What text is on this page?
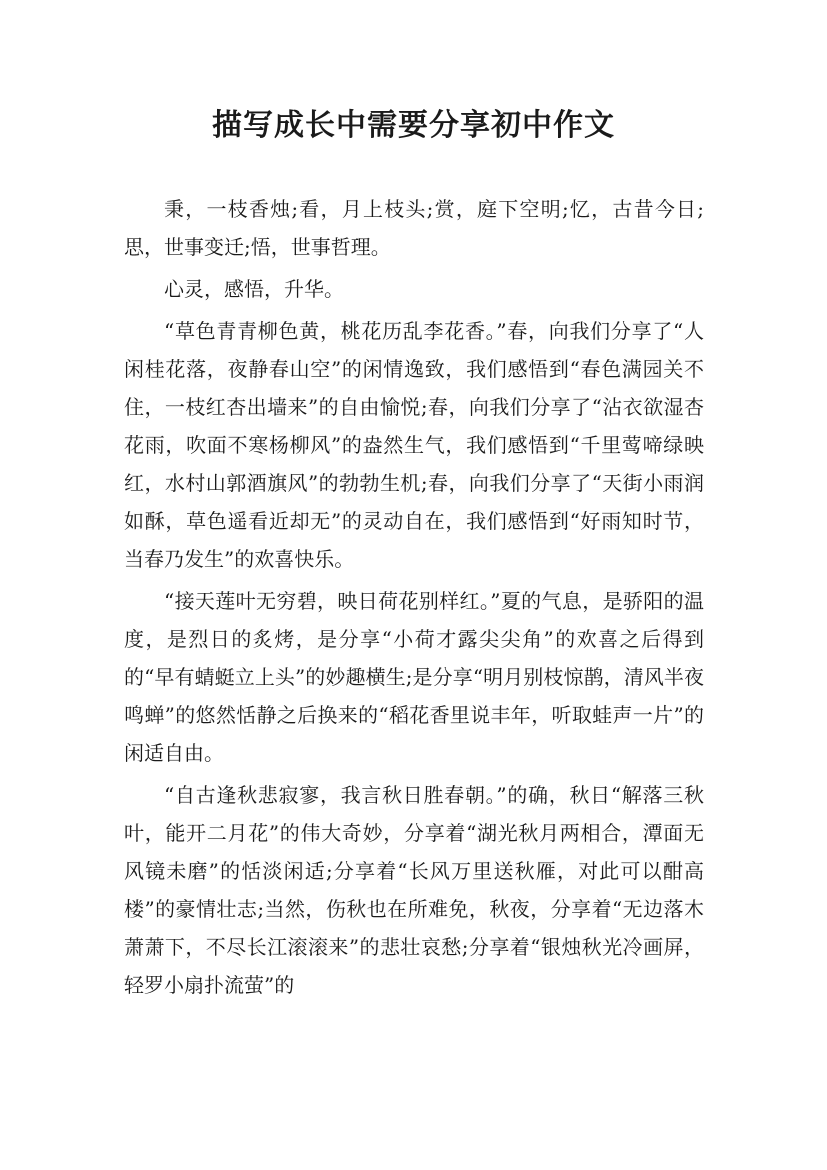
描写成长中需要分享初中作文

秉，一枝香烛;看，月上枝头;赏，庭下空明;忆，古昔今日;思，世事变迁;悟，世事哲理。

心灵，感悟，升华。

“草色青青柳色黄，桃花历乱李花香。”春，向我们分享了“人闲桂花落，夜静春山空”的闲情逸致，我们感悟到“春色满园关不住，一枝红杏出墙来”的自由愉悦;春，向我们分享了“沾衣欲湿杏花雨，吹面不寒杨柳风”的盎然生气，我们感悟到“千里莺啼绿映红，水村山郭酒旗风”的勃勃生机;春，向我们分享了“天街小雨润如酥，草色遥看近却无”的灵动自在，我们感悟到“好雨知时节，当春乃发生”的欢喜快乐。

“接天莲叶无穷碧，映日荷花别样红。”夏的气息，是骄阳的温度，是烈日的炙烤，是分享“小荷才露尖尖角”的欢喜之后得到的“早有蜻蜓立上头”的妙趣横生;是分享“明月别枝惊鹊，清风半夜鸣蝉”的悠然恬静之后换来的“稻花香里说丰年，听取蛙声一片”的闲适自由。

“自古逢秋悲寂寥，我言秋日胜春朝。”的确，秋日“解落三秋叶，能开二月花”的伟大奇妙，分享着“湖光秋月两相合，潭面无风镜未磨”的恬淡闲适;分享着“长风万里送秋雁，对此可以酣高楼”的豪情壮志;当然，伤秋也在所难免，秋夜，分享着“无边落木萧萧下，不尽长江滚滚来”的悲壮哀愁;分享着“银烛秋光冷画屏，轻罗小扇扑流萤”的
